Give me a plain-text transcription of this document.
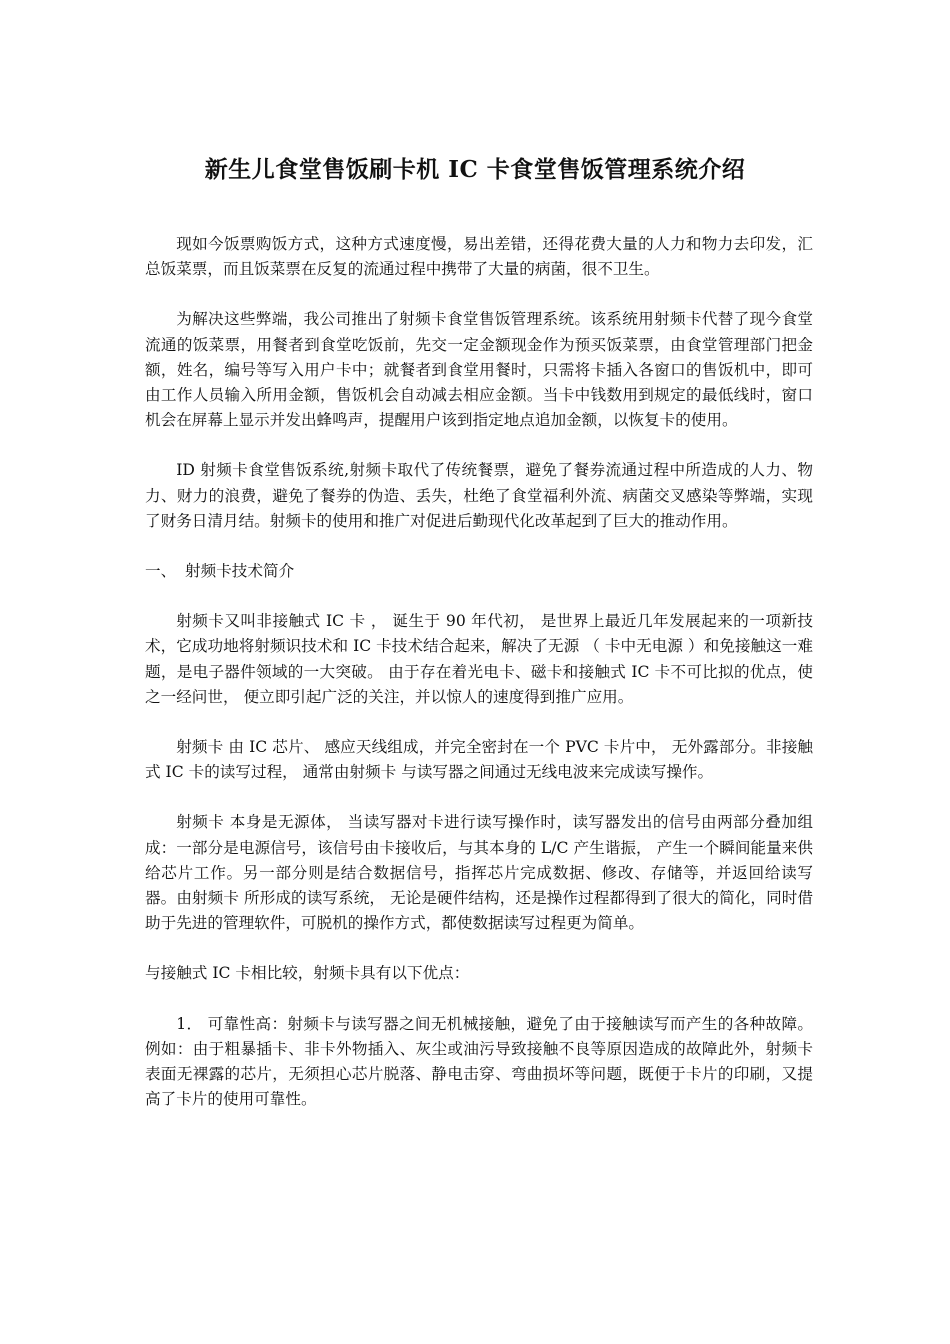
新生儿食堂售饭刷卡机 IC 卡食堂售饭管理系统介绍

现如今饭票购饭方式，这种方式速度慢，易出差错，还得花费大量的人力和物力去印发，汇总饭菜票，而且饭菜票在反复的流通过程中携带了大量的病菌，很不卫生。

为解决这些弊端，我公司推出了射频卡食堂售饭管理系统。该系统用射频卡代替了现今食堂流通的饭菜票，用餐者到食堂吃饭前，先交一定金额现金作为预买饭菜票，由食堂管理部门把金额，姓名，编号等写入用户卡中；就餐者到食堂用餐时，只需将卡插入各窗口的售饭机中，即可由工作人员输入所用金额，售饭机会自动减去相应金额。当卡中钱数用到规定的最低线时，窗口机会在屏幕上显示并发出蜂鸣声，提醒用户该到指定地点追加金额，以恢复卡的使用。

ID 射频卡食堂售饭系统,射频卡取代了传统餐票，避免了餐券流通过程中所造成的人力、物力、财力的浪费，避免了餐券的伪造、丢失，杜绝了食堂福利外流、病菌交叉感染等弊端，实现了财务日清月结。射频卡的使用和推广对促进后勤现代化改革起到了巨大的推动作用。

一、 射频卡技术简介

射频卡又叫非接触式 IC 卡 ， 诞生于 90 年代初， 是世界上最近几年发展起来的一项新技术，它成功地将射频识技术和 IC 卡技术结合起来，解决了无源 （ 卡中无电源 ）和免接触这一难题，是电子器件领域的一大突破。 由于存在着光电卡、磁卡和接触式 IC 卡不可比拟的优点，使之一经问世， 便立即引起广泛的关注，并以惊人的速度得到推广应用。

射频卡 由 IC 芯片、 感应天线组成，并完全密封在一个 PVC 卡片中， 无外露部分。非接触式 IC 卡的读写过程， 通常由射频卡 与读写器之间通过无线电波来完成读写操作。

射频卡 本身是无源体， 当读写器对卡进行读写操作时，读写器发出的信号由两部分叠加组成：一部分是电源信号，该信号由卡接收后，与其本身的 L/C 产生谐振， 产生一个瞬间能量来供给芯片工作。另一部分则是结合数据信号，指挥芯片完成数据、修改、存储等，并返回给读写器。由射频卡 所形成的读写系统， 无论是硬件结构，还是操作过程都得到了很大的简化，同时借助于先进的管理软件，可脱机的操作方式，都使数据读写过程更为简单。

与接触式 IC 卡相比较，射频卡具有以下优点：

1． 可靠性高：射频卡与读写器之间无机械接触，避免了由于接触读写而产生的各种故障。例如：由于粗暴插卡、非卡外物插入、灰尘或油污导致接触不良等原因造成的故障此外，射频卡表面无裸露的芯片，无须担心芯片脱落、静电击穿、弯曲损坏等问题，既便于卡片的印刷，又提高了卡片的使用可靠性。
